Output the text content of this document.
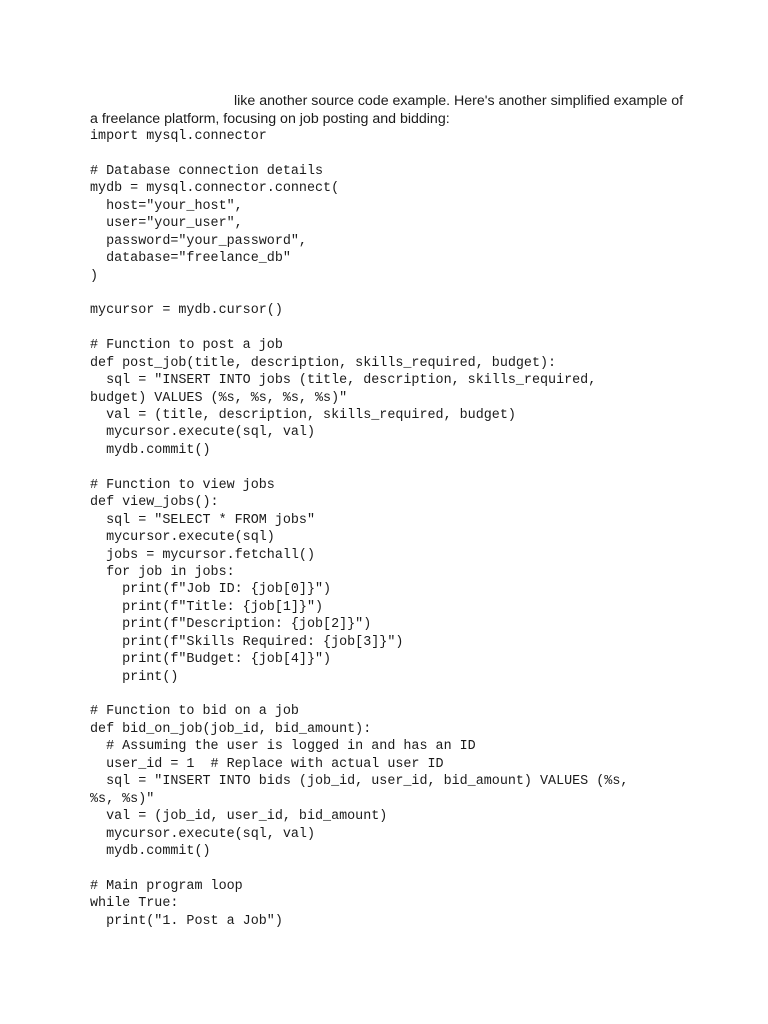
like another source code example. Here's another simplified example of
a freelance platform, focusing on job posting and bidding:
import mysql.connector
# Database connection details
mydb = mysql.connector.connect(
host="your_host",
user="your_user",
password="your_password",
database="freelance_db"
)
mycursor = mydb.cursor()
# Function to post a job
def post_job(title, description, skills_required, budget):
sql = "INSERT INTO jobs (title, description, skills_required,
budget) VALUES (%s, %s, %s, %s)"
val = (title, description, skills_required, budget)
mycursor.execute(sql, val)
mydb.commit()
# Function to view jobs
def view_jobs():
sql = "SELECT * FROM jobs"
mycursor.execute(sql)
jobs = mycursor.fetchall()
for job in jobs:
print(f"Job ID: {job[0]}")
print(f"Title: {job[1]}")
print(f"Description: {job[2]}")
print(f"Skills Required: {job[3]}")
print(f"Budget: {job[4]}")
print()
# Function to bid on a job
def bid_on_job(job_id, bid_amount):
# Assuming the user is logged in and has an ID
user_id = 1  # Replace with actual user ID
sql = "INSERT INTO bids (job_id, user_id, bid_amount) VALUES (%s,
%s, %s)"
val = (job_id, user_id, bid_amount)
mycursor.execute(sql, val)
mydb.commit()
# Main program loop
while True:
print("1. Post a Job")
